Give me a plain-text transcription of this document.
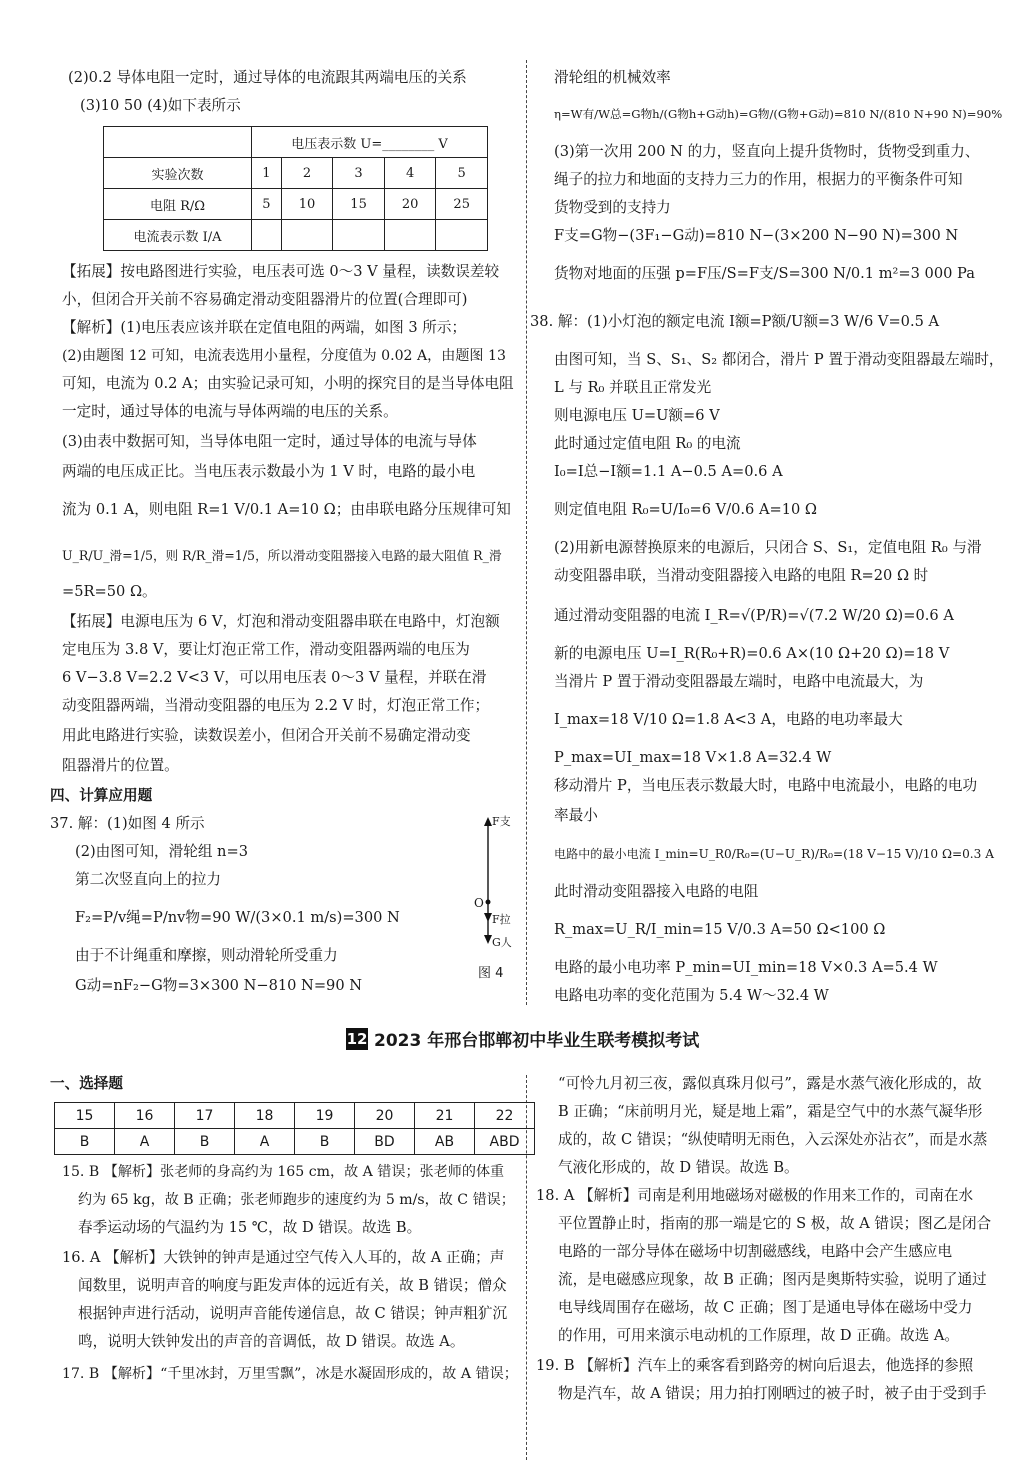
(2)0.2 导体电阻一定时，通过导体的电流跟其两端电压的关系
(3)10 50 (4)如下表所示
	电压表示数 U=________ V				
实验次数	1	2	3	4	5
电阻 R/Ω	5	10	15	20	25
电流表示数 I/A					
【拓展】按电路图进行实验，电压表可选 0～3 V 量程，读数误差较
小，但闭合开关前不容易确定滑动变阻器滑片的位置(合理即可)
【解析】(1)电压表应该并联在定值电阻的两端，如图 3 所示；
(2)由题图 12 可知，电流表选用小量程，分度值为 0.02 A，由题图 13
可知，电流为 0.2 A；由实验记录可知，小明的探究目的是当导体电阻
一定时，通过导体的电流与导体两端的电压的关系。
(3)由表中数据可知，当导体电阻一定时，通过导体的电流与导体
两端的电压成正比。当电压表示数最小为 1 V 时，电路的最小电
流为 0.1 A，则电阻 R=1 V/0.1 A=10 Ω；由串联电路分压规律可知
U_R/U_滑=1/5，则 R/R_滑=1/5，所以滑动变阻器接入电路的最大阻值 R_滑
=5R=50 Ω。
【拓展】电源电压为 6 V，灯泡和滑动变阻器串联在电路中，灯泡额
定电压为 3.8 V，要让灯泡正常工作，滑动变阻器两端的电压为
6 V−3.8 V=2.2 V<3 V，可以用电压表 0～3 V 量程，并联在滑
动变阻器两端，当滑动变阻器的电压为 2.2 V 时，灯泡正常工作；
用此电路进行实验，读数误差小，但闭合开关前不易确定滑动变
阻器滑片的位置。
四、计算应用题
37. 解：(1)如图 4 所示
(2)由图可知，滑轮组 n=3
第二次竖直向上的拉力
F₂=P/v绳=P/nv物=90 W/(3×0.1 m/s)=300 N
由于不计绳重和摩擦，则动滑轮所受重力
G动=nF₂−G物=3×300 N−810 N=90 N
F支
O
F拉
G人
图 4
滑轮组的机械效率
η=W有/W总=G物h/(G物h+G动h)=G物/(G物+G动)=810 N/(810 N+90 N)=90%
(3)第一次用 200 N 的力，竖直向上提升货物时，货物受到重力、
绳子的拉力和地面的支持力三力的作用，根据力的平衡条件可知
货物受到的支持力
F支=G物−(3F₁−G动)=810 N−(3×200 N−90 N)=300 N
货物对地面的压强 p=F压/S=F支/S=300 N/0.1 m²=3 000 Pa
38. 解：(1)小灯泡的额定电流 I额=P额/U额=3 W/6 V=0.5 A
由图可知，当 S、S₁、S₂ 都闭合，滑片 P 置于滑动变阻器最左端时，
L 与 R₀ 并联且正常发光
则电源电压 U=U额=6 V
此时通过定值电阻 R₀ 的电流
I₀=I总−I额=1.1 A−0.5 A=0.6 A
则定值电阻 R₀=U/I₀=6 V/0.6 A=10 Ω
(2)用新电源替换原来的电源后，只闭合 S、S₁，定值电阻 R₀ 与滑
动变阻器串联，当滑动变阻器接入电路的电阻 R=20 Ω 时
通过滑动变阻器的电流 I_R=√(P/R)=√(7.2 W/20 Ω)=0.6 A
新的电源电压 U=I_R(R₀+R)=0.6 A×(10 Ω+20 Ω)=18 V
当滑片 P 置于滑动变阻器最左端时，电路中电流最大，为
I_max=18 V/10 Ω=1.8 A<3 A，电路的电功率最大
P_max=UI_max=18 V×1.8 A=32.4 W
移动滑片 P，当电压表示数最大时，电路中电流最小，电路的电功
率最小
电路中的最小电流 I_min=U_R0/R₀=(U−U_R)/R₀=(18 V−15 V)/10 Ω=0.3 A
此时滑动变阻器接入电路的电阻
R_max=U_R/I_min=15 V/0.3 A=50 Ω<100 Ω
电路的最小电功率 P_min=UI_min=18 V×0.3 A=5.4 W
电路电功率的变化范围为 5.4 W～32.4 W
12 2023 年邢台邯郸初中毕业生联考模拟考试
一、选择题
15	16	17	18	19	20	21	22
B	A	B	A	B	BD	AB	ABD
15. B 【解析】张老师的身高约为 165 cm，故 A 错误；张老师的体重
约为 65 kg，故 B 正确；张老师跑步的速度约为 5 m/s，故 C 错误；
春季运动场的气温约为 15 ℃，故 D 错误。故选 B。
16. A 【解析】大铁钟的钟声是通过空气传入人耳的，故 A 正确；声
闻数里，说明声音的响度与距发声体的远近有关，故 B 错误；僧众
根据钟声进行活动，说明声音能传递信息，故 C 错误；钟声粗犷沉
鸣，说明大铁钟发出的声音的音调低，故 D 错误。故选 A。
17. B 【解析】“千里冰封，万里雪飘”，冰是水凝固形成的，故 A 错误；
“可怜九月初三夜，露似真珠月似弓”，露是水蒸气液化形成的，故
B 正确；“床前明月光，疑是地上霜”，霜是空气中的水蒸气凝华形
成的，故 C 错误；“纵使晴明无雨色，入云深处亦沾衣”，而是水蒸
气液化形成的，故 D 错误。故选 B。
18. A 【解析】司南是利用地磁场对磁极的作用来工作的，司南在水
平位置静止时，指南的那一端是它的 S 极，故 A 错误；图乙是闭合
电路的一部分导体在磁场中切割磁感线，电路中会产生感应电
流，是电磁感应现象，故 B 正确；图丙是奥斯特实验，说明了通过
电导线周围存在磁场，故 C 正确；图丁是通电导体在磁场中受力
的作用，可用来演示电动机的工作原理，故 D 正确。故选 A。
19. B 【解析】汽车上的乘客看到路旁的树向后退去，他选择的参照
物是汽车，故 A 错误；用力拍打刚晒过的被子时，被子由于受到手
